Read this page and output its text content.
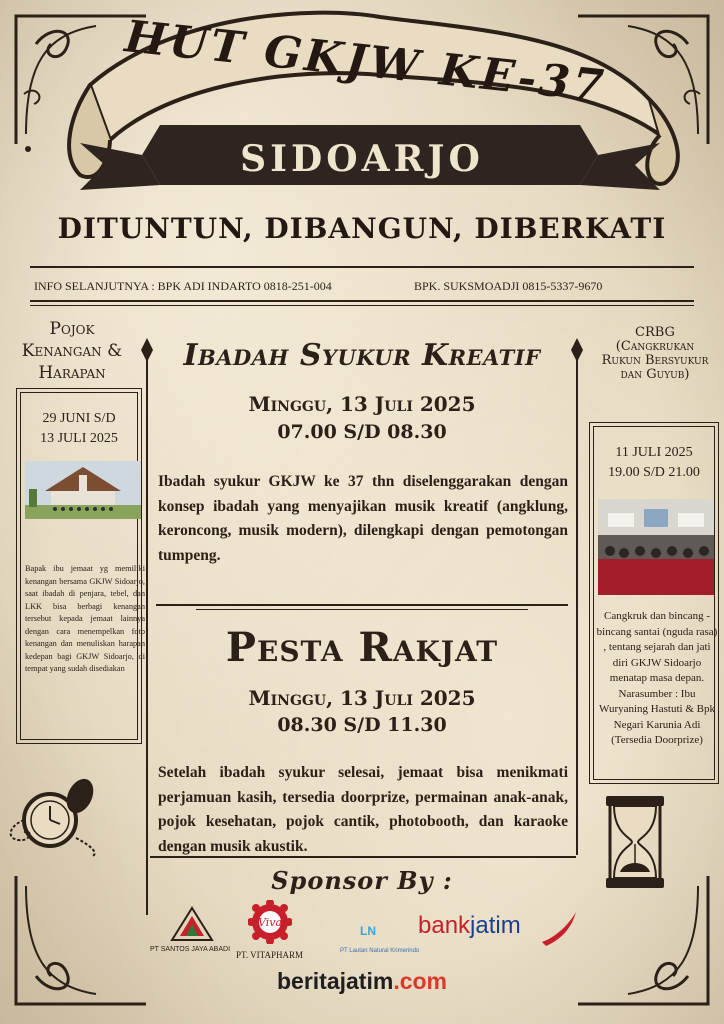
HUT GKJW KE-37
SIDOARJO
DITUNTUN, DIBANGUN, DIBERKATI
INFO SELANJUTNYA : BPK ADI INDARTO 0818-251-004	BPK. SUKSMOADJI 0815-5337-9670
Pojok
Kenangan &
Harapan
29 JUNI S/D
13 JULI 2025
Bapak ibu jemaat yg memiliki kenangan bersama GKJW Sidoarjo, saat ibadah di penjara, tebel, dan LKK bisa berbagi kenangan tersebut kepada jemaat lainnya dengan cara menempelkan foto kenangan dan menuliskan harapan kedepan bagi GKJW Sidoarjo, di tempat yang sudah disediakan
CRBG
(Cangkrukan
Rukun Bersyukur
dan Guyub)
11 JULI 2025
19.00 S/D 21.00
Cangkruk dan bincang - bincang santai (nguda rasa) , tentang sejarah dan jati diri GKJW Sidoarjo menatap masa depan.
Narasumber : Ibu Wuryaning Hastuti & Bpk Negari Karunia Adi (Tersedia Doorprize)
Ibadah Syukur Kreatif
Minggu, 13 Juli 2025
07.00 S/D 08.30
Ibadah syukur GKJW ke 37 thn diselenggarakan dengan konsep ibadah yang menyajikan musik kreatif (angklung, keroncong, musik modern), dilengkapi dengan pemotongan tumpeng.
Pesta Rakjat
Minggu, 13 Juli 2025
08.30 S/D 11.30
Setelah ibadah syukur selesai, jemaat bisa menikmati perjamuan kasih, tersedia doorprize, permainan anak-anak, pojok kesehatan, pojok cantik, photobooth, dan karaoke dengan musik akustik.
Sponsor By :
PT SANTOS JAYA ABADI
Viva
PT. VITAPHARM
LN
PT Lautan Natural Krimerindo
bankjatim
beritajatim.com
